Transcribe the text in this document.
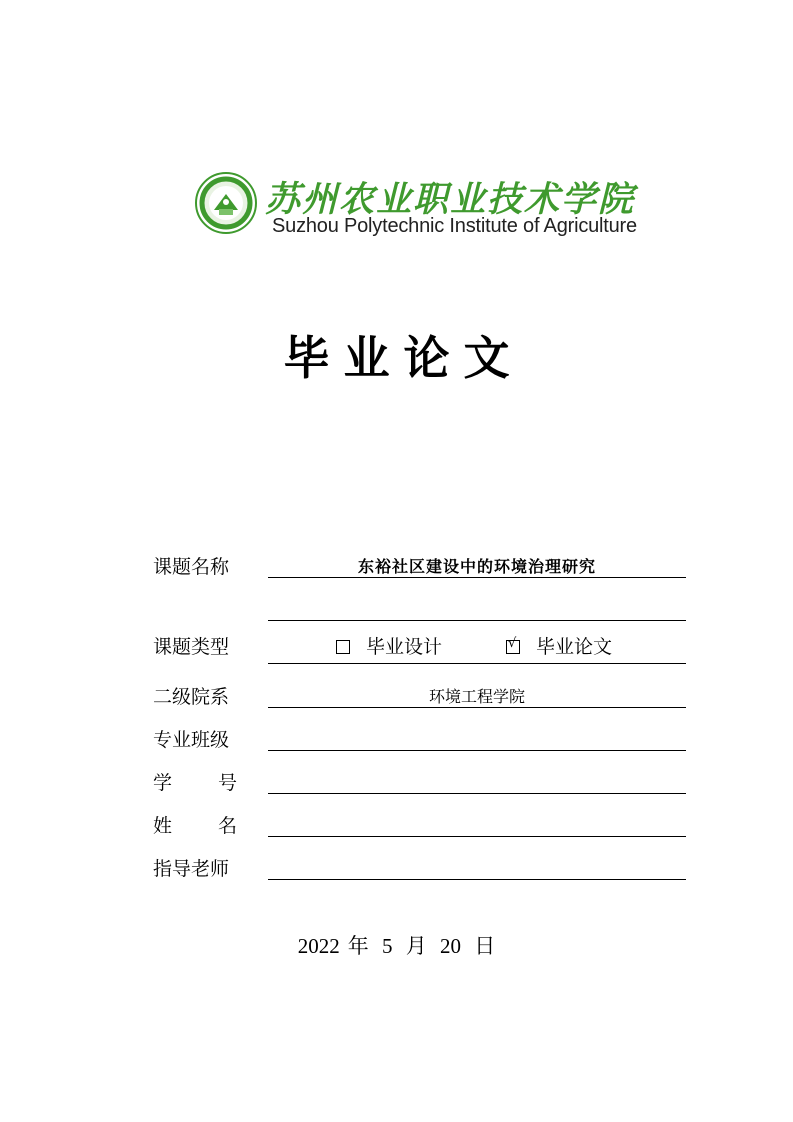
苏州农业职业技术学院
Suzhou Polytechnic Institute of Agriculture
毕业论文
课题名称	东裕社区建设中的环境治理研究
课题类型	毕业设计	√ 毕业论文
二级院系	环境工程学院
专业班级
学 号
姓 名
指导老师
2022 年 5 月 20 日
